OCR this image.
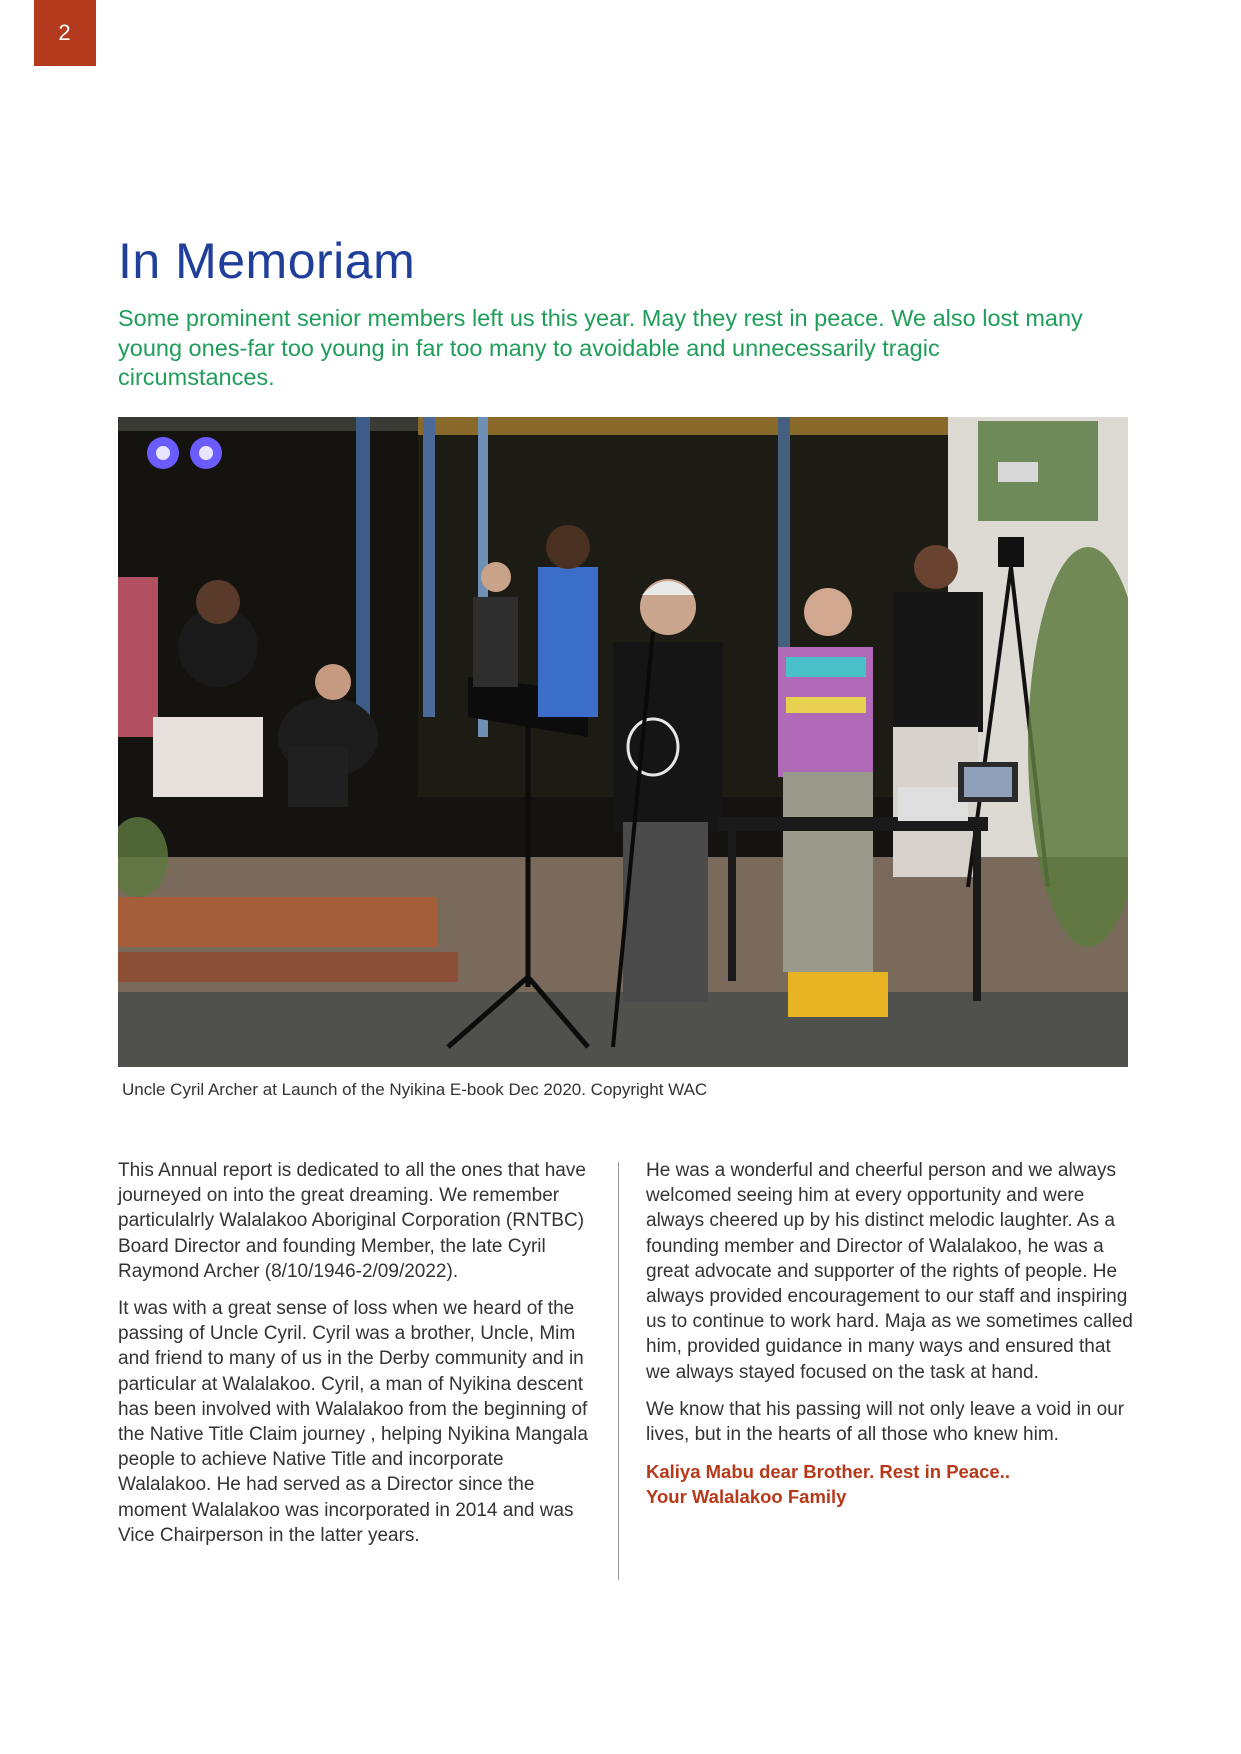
2
In Memoriam

Some prominent senior members left us this year. May they rest in peace. We also lost many young ones-far too young in far too many to avoidable and unnecessarily tragic circumstances.

Uncle Cyril Archer at Launch of the Nyikina E-book Dec 2020. Copyright WAC

This Annual report is dedicated to all the ones that have journeyed on into the great dreaming. We remember particulalrly Walalakoo Aboriginal Corporation (RNTBC) Board Director and founding Member, the late Cyril Raymond Archer (8/10/1946-2/09/2022).

It was with a great sense of loss when we heard of the passing of Uncle Cyril. Cyril was a brother, Uncle, Mim and friend to many of us in the Derby community and in particular at Walalakoo. Cyril, a man of Nyikina descent has been involved with Walalakoo from the beginning of the Native Title Claim journey , helping Nyikina Mangala people to achieve Native Title and incorporate Walalakoo. He had served as a Director since the moment Walalakoo was incorporated in 2014 and was Vice Chairperson in the latter years.

He was a wonderful and cheerful person and we always welcomed seeing him at every opportunity and were always cheered up by his distinct melodic laughter. As a founding member and Director of Walalakoo, he was a great advocate and supporter of the rights of people. He always provided encouragement to our staff and inspiring us to continue to work hard. Maja as we sometimes called him, provided guidance in many ways and ensured that we always stayed focused on the task at hand.

We know that his passing will not only leave a void in our lives, but in the hearts of all those who knew him.

Kaliya Mabu dear Brother. Rest in Peace..
Your Walalakoo Family
